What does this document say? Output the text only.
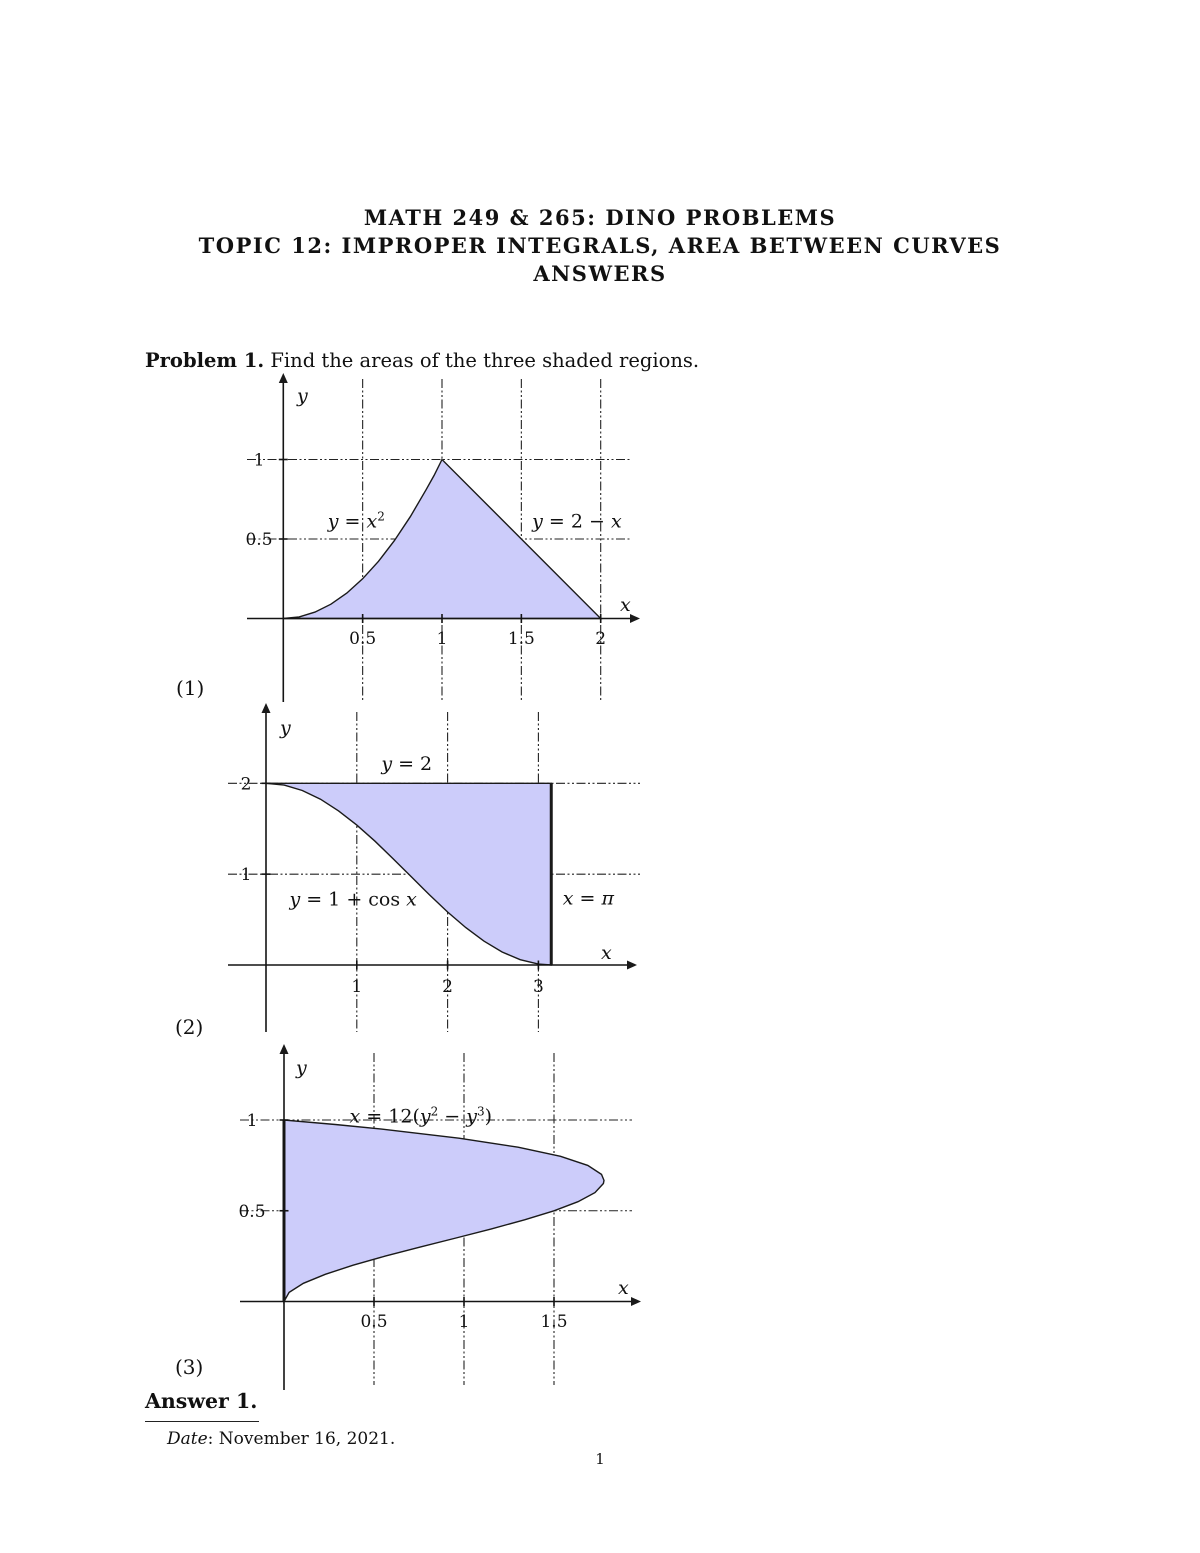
MATH 249 & 265: DINO PROBLEMS
TOPIC 12: IMPROPER INTEGRALS, AREA BETWEEN CURVES
ANSWERS
Problem 1. Find the areas of the three shaded regions.
0.5	1	1.5	2
0.5
1
x
y
$y = x^2$	y = 2 − x
(1)
1	2	3
1
2
x
y
y = 2
y = 1 + cos x	x = π
(2)
0.5	1	1.5
0.5
1
x
y
$x = 12(y^2 - y^3)$
(3)
Answer 1.
Date: November 16, 2021.
1
